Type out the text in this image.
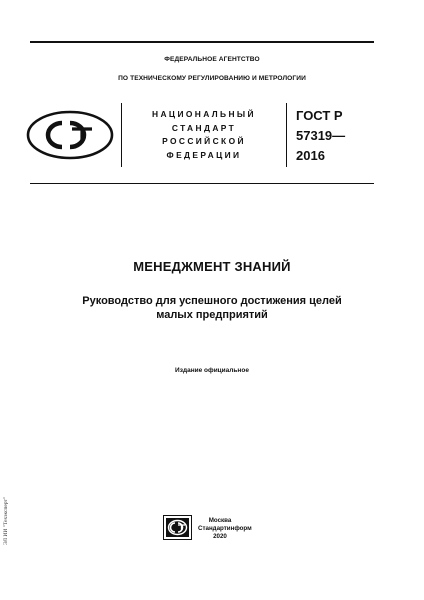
ФЕДЕРАЛЬНОЕ АГЕНТСТВО
ПО ТЕХНИЧЕСКОМУ РЕГУЛИРОВАНИЮ И МЕТРОЛОГИИ
НАЦИОНАЛЬНЫЙ
СТАНДАРТ
РОССИЙСКОЙ
ФЕДЕРАЦИИ
ГОСТ Р
57319—
2016
МЕНЕДЖМЕНТ ЗНАНИЙ
Руководство для успешного достижения целей
малых предприятий
Издание официальное
Москва
Стандартинформ
2020
ЭЛ ИИ "Техэксперт"
